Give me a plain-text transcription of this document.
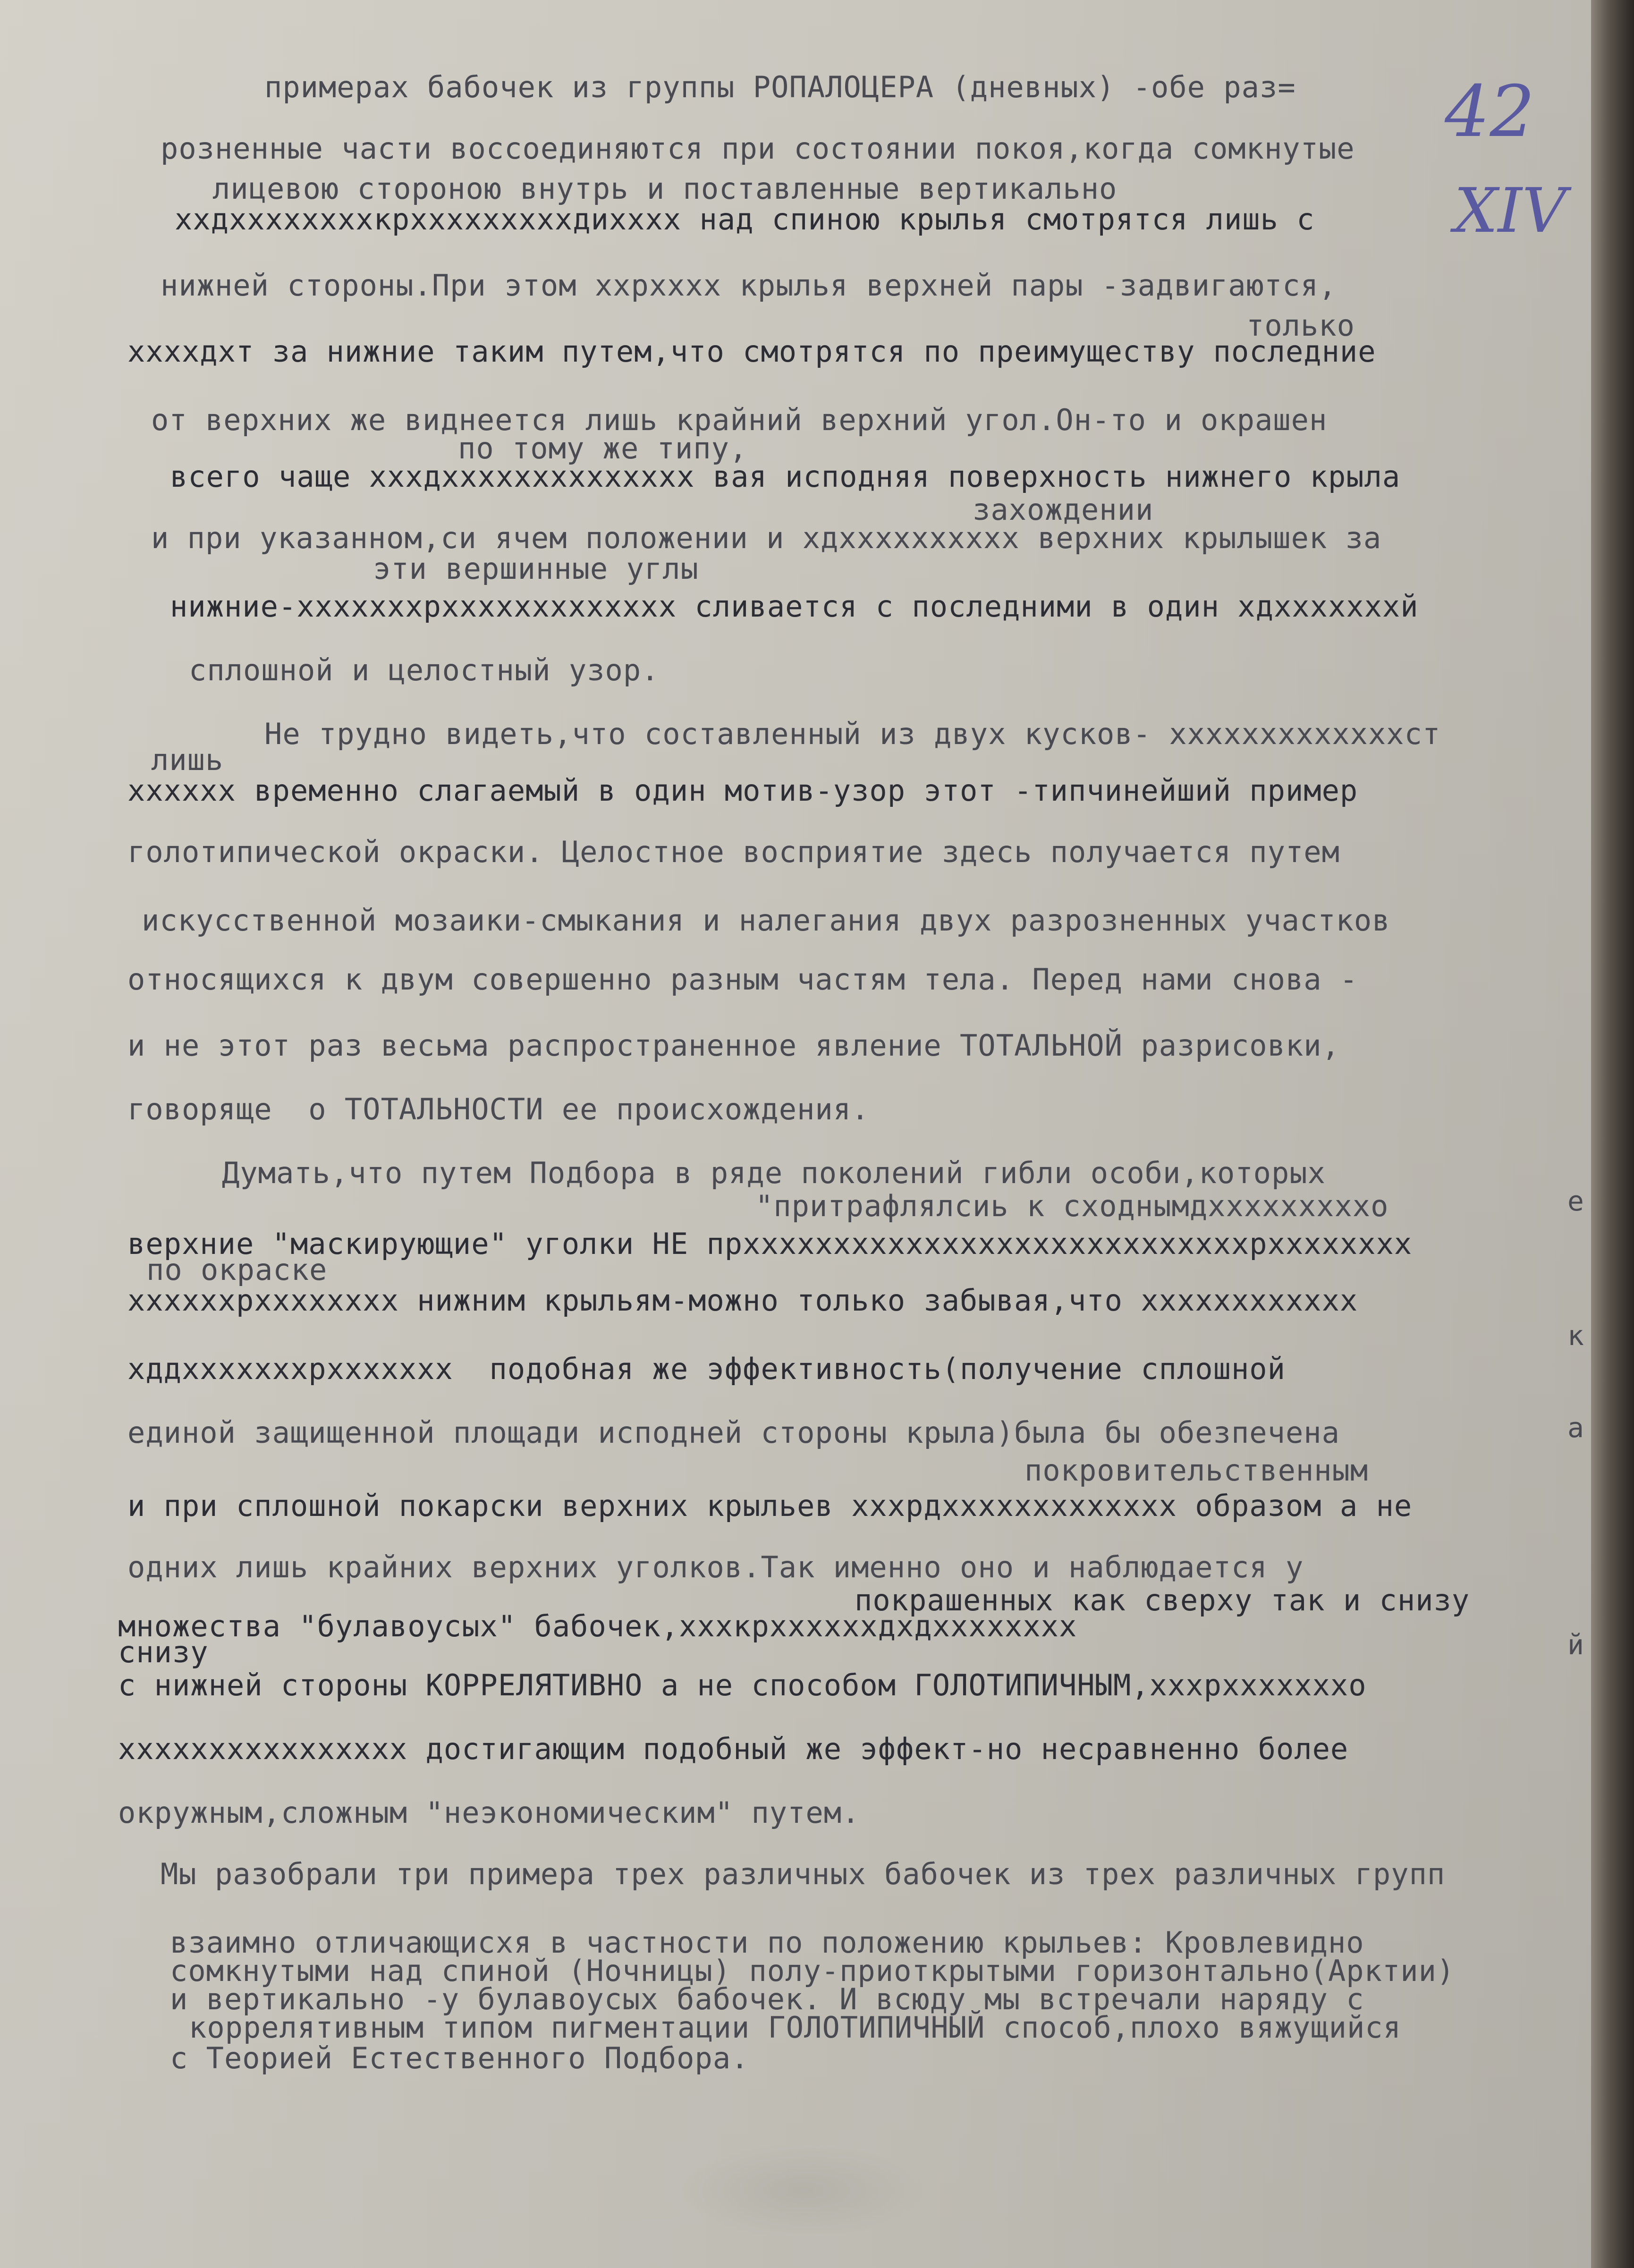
42
XIV
примерах бабочек из группы РОПАЛОЦЕРА (дневных) -обе раз=
розненные части воссоединяются при состоянии покоя,когда сомкнутые
лицевою стороною внутрь и поставленные вертикально
ххдххххххххкрхххххххххдихххх над спиною крылья смотрятся лишь с
нижней стороны.При этом ххрхххх крылья верхней пары -задвигаются,
только
ххххдхт за нижние таким путем,что смотрятся по преимуществу последние
от верхних же виднеется лишь крайний верхний угол.Он-то и окрашен
по тому же типу,
всего чаще хххдхххххххххххххх вая исподняя поверхность нижнего крыла
захождении
и при указанном,си ячем положении и хдхххххххххх верхних крылышек за
эти вершинные углы
нижние-хххххххрххххххххххххх сливается с последними в один хдхххххххй
сплошной и целостный узор.
Не трудно видеть,что составленный из двух кусков- хххххххххххххст
лишь
хххххх временно слагаемый в один мотив-узор этот -типчинейший пример
голотипической окраски. Целостное восприятие здесь получается путем
искусственной мозаики-смыкания и налегания двух разрозненных участков
относящихся к двум совершенно разным частям тела. Перед нами снова -
и не этот раз весьма распространенное явление ТОТАЛЬНОЙ разрисовки,
говоряще  о ТОТАЛЬНОСТИ ее происхождения.
Думать,что путем Подбора в ряде поколений гибли особи,которых
"притрафлялсиь к сходнымдхххххххххо
верхние "маскирующие" уголки НЕ прххххххххххххххххххххххххххххрхххххххх
по окраске
ххххххрхххххххх нижним крыльям-можно только забывая,что хххххххххххх
хддхххххххрххххххх  подобная же эффективность(получение сплошной
единой защищенной площади исподней стороны крыла)была бы обезпечена
покровительственным
и при сплошной покарски верхних крыльев хххрдххххххххххххх образом а не
одних лишь крайних верхних уголков.Так именно оно и наблюдается у
покрашенных как сверху так и снизу
множества "булавоусых" бабочек,хххкрххххххдхдхххххххх
снизу
с нижней стороны КОРРЕЛЯТИВНО а не способом ГОЛОТИПИЧНЫМ,хххрхххххххо
хххххххххххххххх достигающим подобный же эффект-но несравненно более
окружным,сложным "неэкономическим" путем.
Мы разобрали три примера трех различных бабочек из трех различных групп
взаимно отличающисхя в частности по положению крыльев: Кровлевидно
сомкнутыми над спиной (Ночницы) полу-приоткрытыми горизонтально(Арктии)
и вертикально -у булавоусых бабочек. И всюду мы встречали наряду с
коррелятивным типом пигментации ГОЛОТИПИЧНЫЙ способ,плохо вяжущийся
с Теорией Естественного Подбора.
е
к
а
й
